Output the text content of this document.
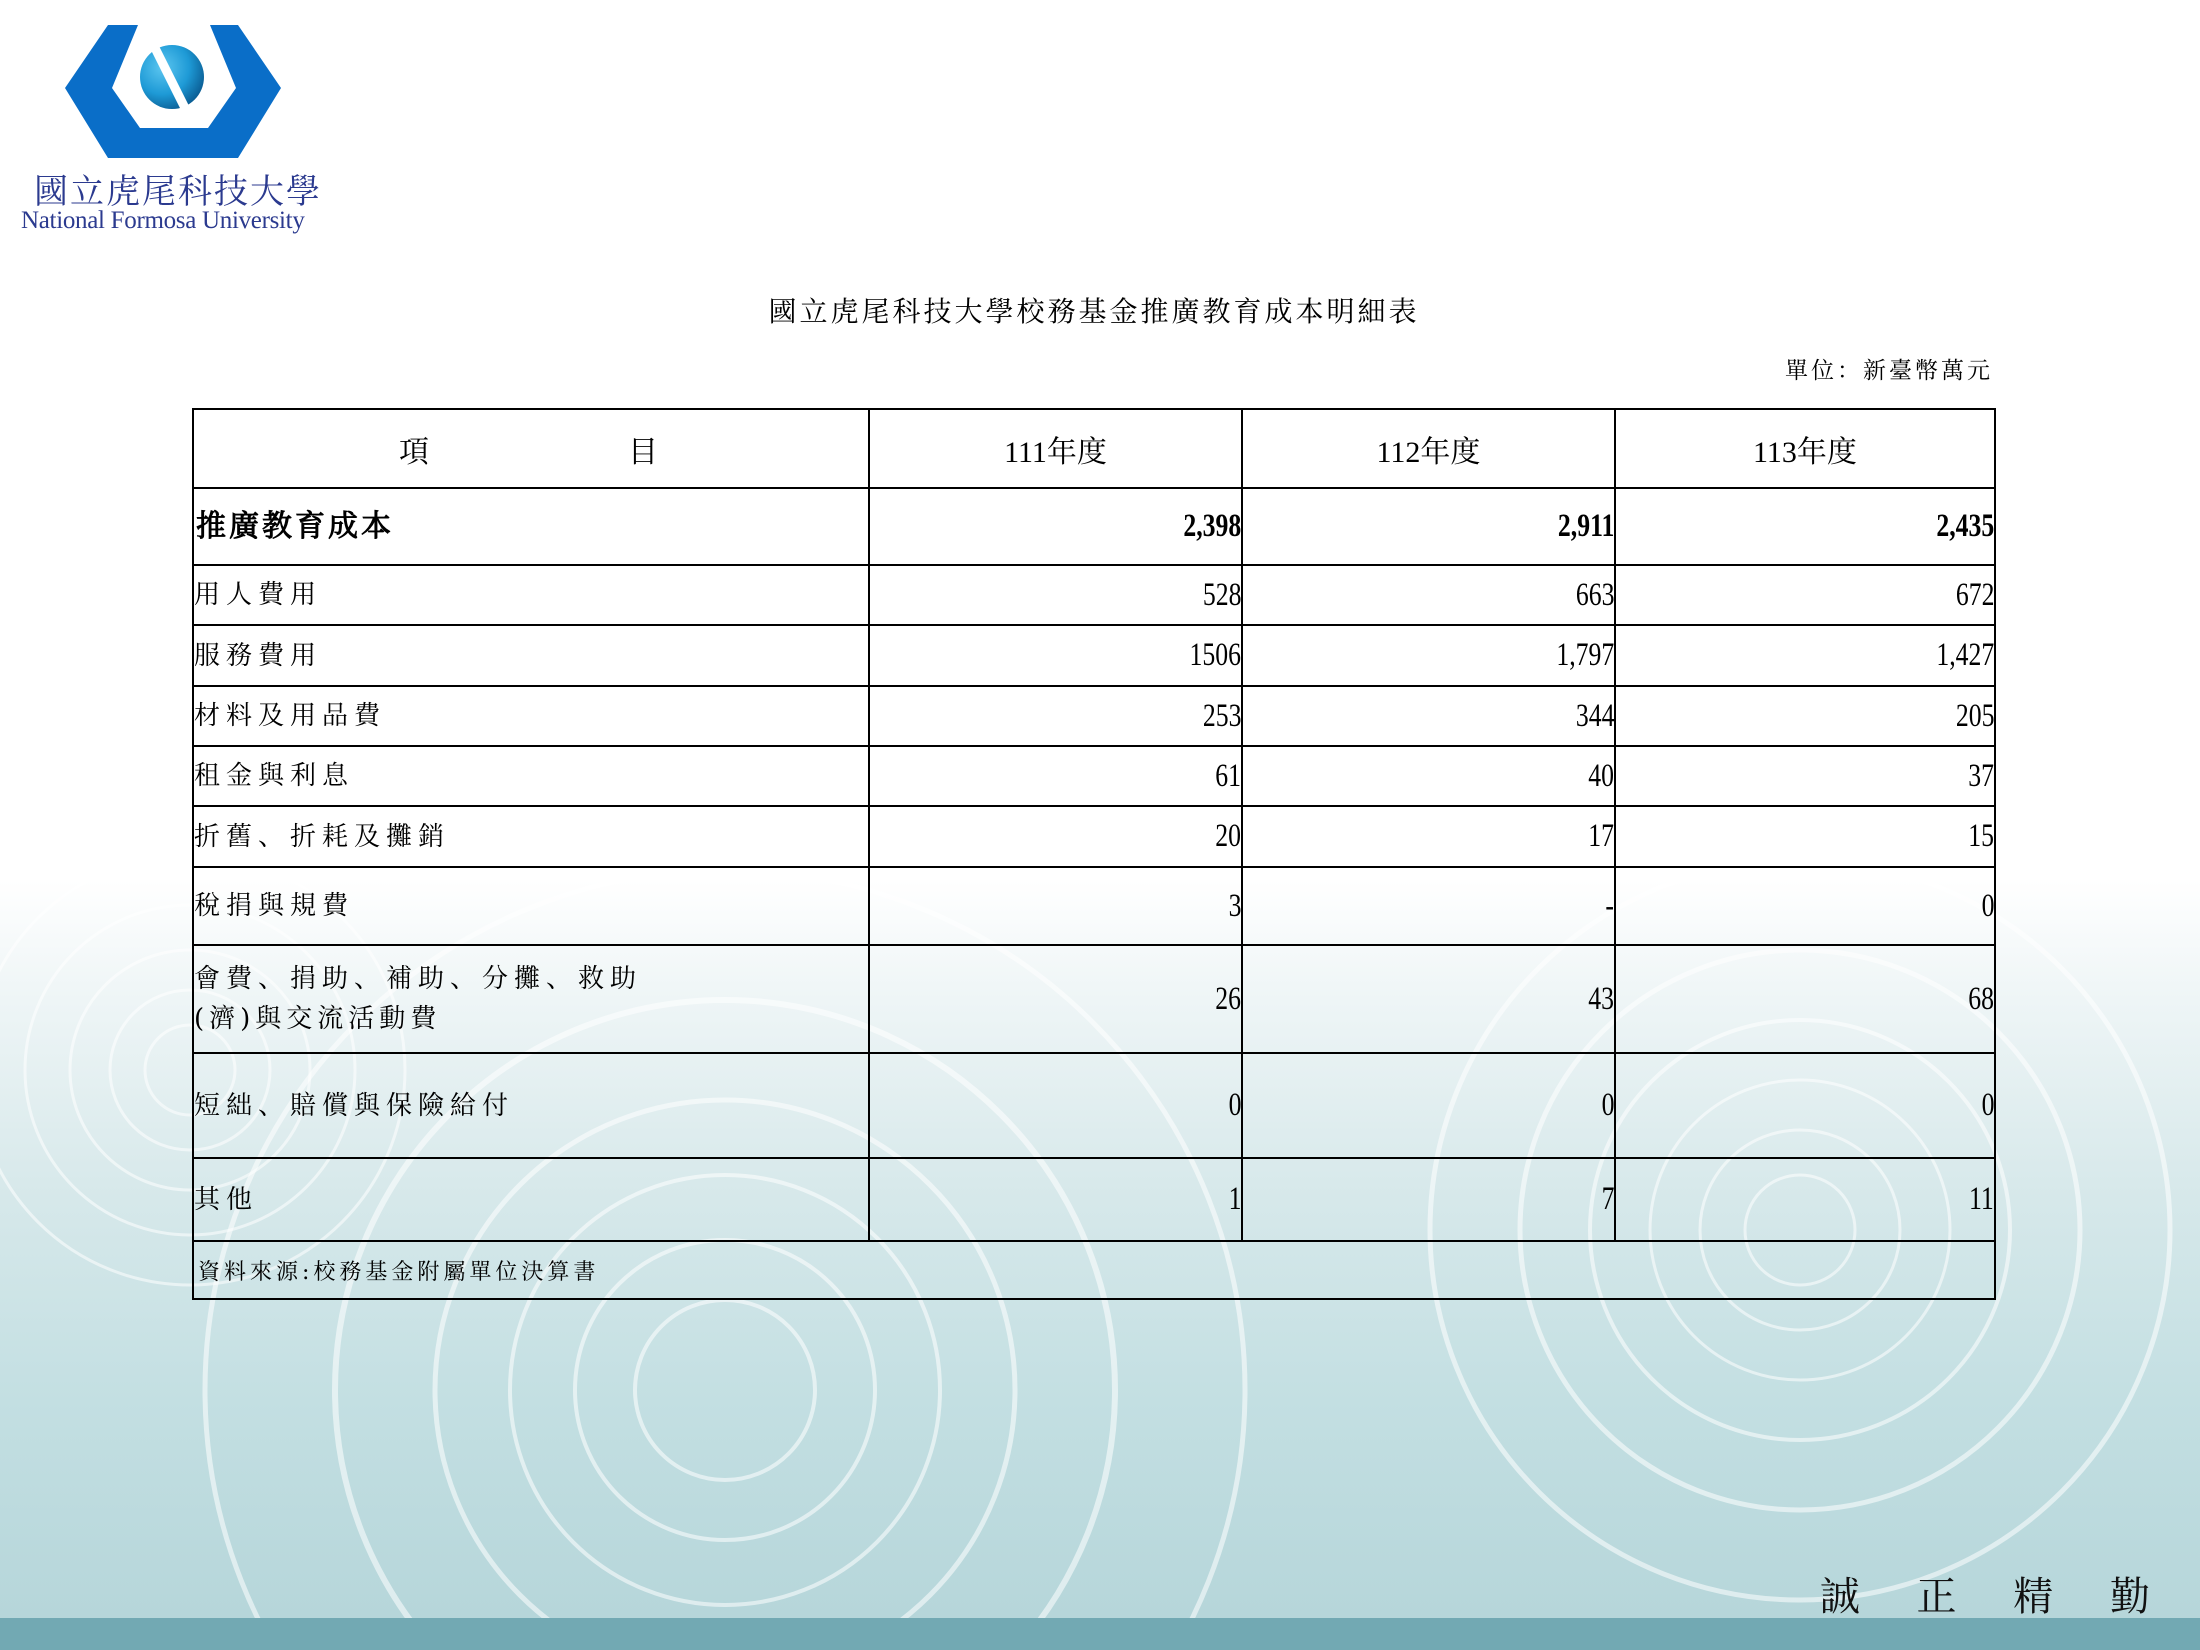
誠 正 精 勤
國立虎尾科技大學
National Formosa University
國立虎尾科技大學校務基金推廣教育成本明細表
單位：新臺幣萬元
項 目	111年度	112年度	113年度
推廣教育成本	2,398	2,911	2,435
用人費用	528	663	672
服務費用	1506	1,797	1,427
材料及用品費	253	344	205
租金與利息	61	40	37
折舊、折耗及攤銷	20	17	15
稅捐與規費	3	-	0

會費、捐助、補助、分攤、救助
(濟)與交流活動費	26	43	68
短絀、賠償與保險給付	0	0	0
其他	1	7	11
資料來源:校務基金附屬單位決算書			
